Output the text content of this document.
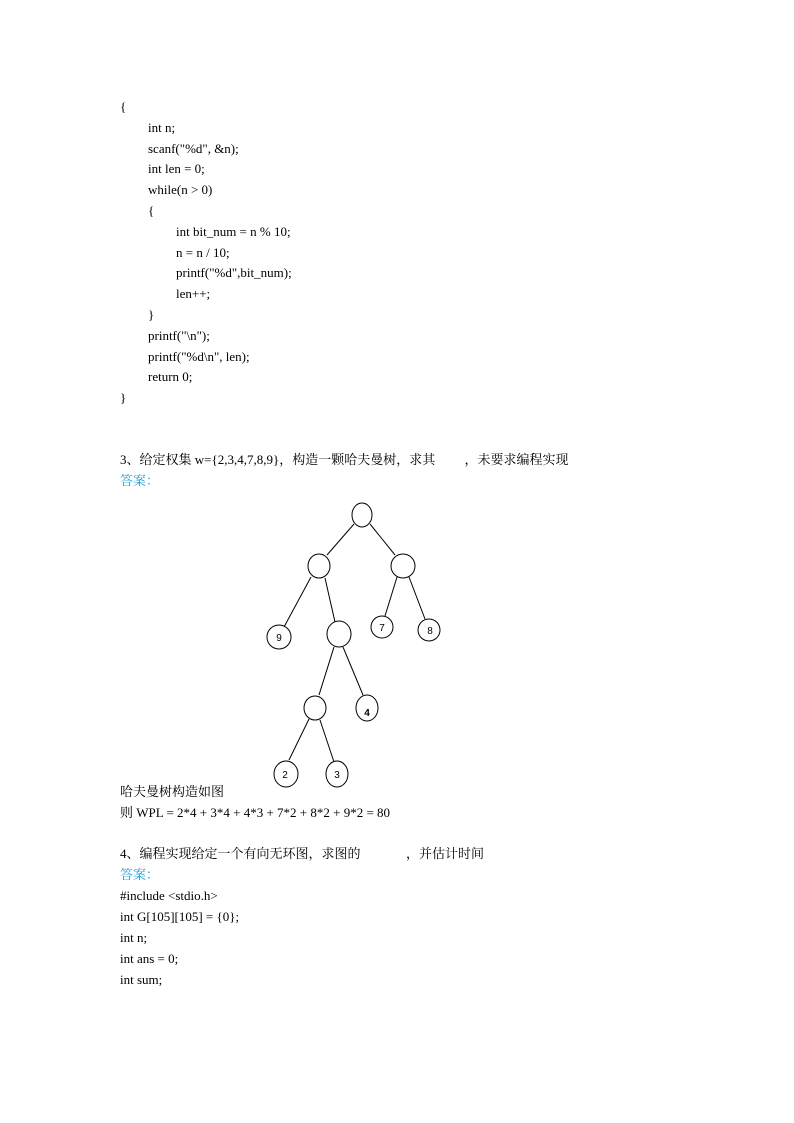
{
int n;
scanf("%d", &n);
int len = 0;
while(n > 0)
{
int bit_num = n % 10;
n = n / 10;
printf("%d",bit_num);
len++;
}
printf("\n");
printf("%d\n", len);
return 0;
}
3、给定权集 w={2,3,4,7,8,9}，构造一颗哈夫曼树，求其         ，未要求编程实现
答案：
9
7	8
4
2	3
哈夫曼树构造如图
则 WPL = 2*4 + 3*4 + 4*3 + 7*2 + 8*2 + 9*2 = 80
4、编程实现给定一个有向无环图，求图的              ，并估计时间
答案：
#include <stdio.h>
int G[105][105] = {0};
int n;
int ans = 0;
int sum;
